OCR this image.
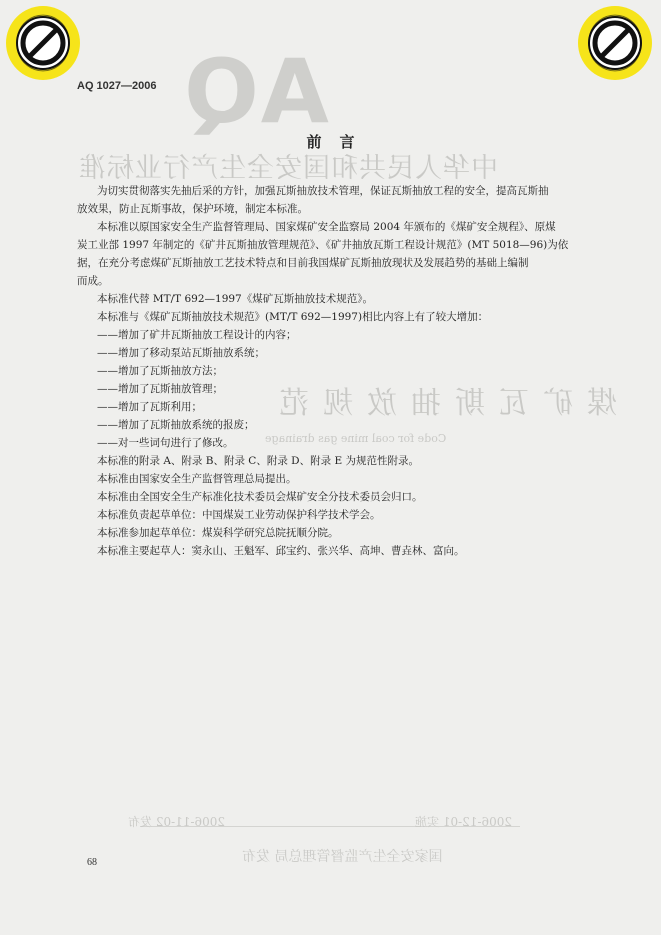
AQ
中华人民共和国安全生产行业标准
煤矿瓦斯抽放规范
Code for coal mine gas drainage
2006-11-02 发布	2006-12-01 实施
国家安全生产监督管理总局 发布
AQ 1027—2006
前言

为切实贯彻落实先抽后采的方针，加强瓦斯抽放技术管理，保证瓦斯抽放工程的安全，提高瓦斯抽

放效果，防止瓦斯事故，保护环境，制定本标准。

本标准以原国家安全生产监督管理局、国家煤矿安全监察局 2004 年颁布的《煤矿安全规程》、原煤

炭工业部 1997 年制定的《矿井瓦斯抽放管理规范》、《矿井抽放瓦斯工程设计规范》(MT 5018—96)为依

据，在充分考虑煤矿瓦斯抽放工艺技术特点和目前我国煤矿瓦斯抽放现状及发展趋势的基础上编制

而成。

本标准代替 MT/T 692—1997《煤矿瓦斯抽放技术规范》。

本标准与《煤矿瓦斯抽放技术规范》(MT/T 692—1997)相比内容上有了较大增加：

——增加了矿井瓦斯抽放工程设计的内容；

——增加了移动泵站瓦斯抽放系统；

——增加了瓦斯抽放方法；

——增加了瓦斯抽放管理；

——增加了瓦斯利用；

——增加了瓦斯抽放系统的报废；

——对一些词句进行了修改。

本标准的附录 A、附录 B、附录 C、附录 D、附录 E 为规范性附录。

本标准由国家安全生产监督管理总局提出。

本标准由全国安全生产标准化技术委员会煤矿安全分技术委员会归口。

本标准负责起草单位：中国煤炭工业劳动保护科学技术学会。

本标准参加起草单位：煤炭科学研究总院抚顺分院。

本标准主要起草人：窦永山、王魁军、邱宝约、张兴华、高坤、曹垚林、富向。

68
